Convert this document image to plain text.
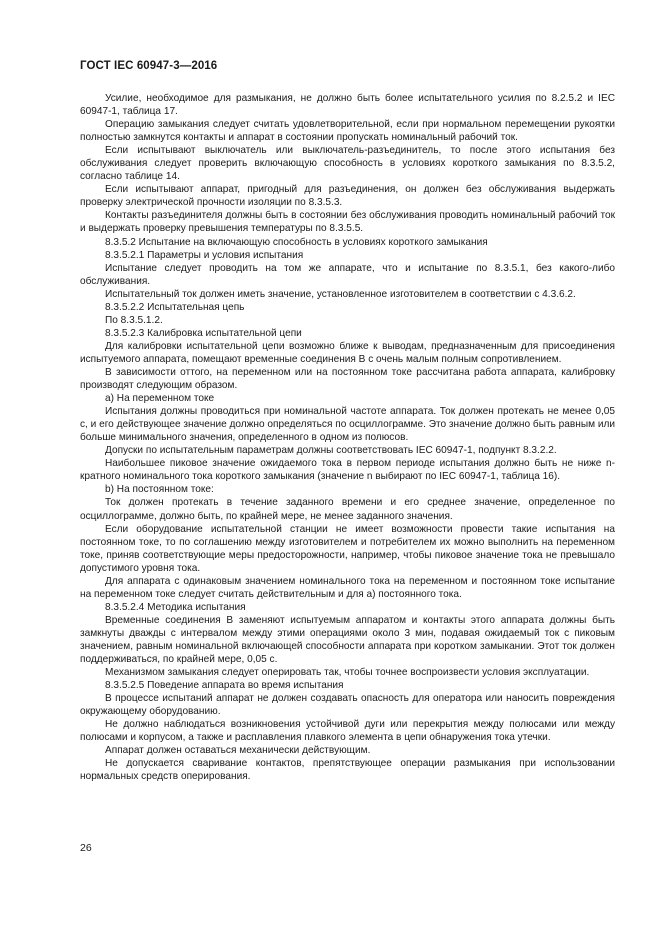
ГОСТ IEC 60947-3—2016

Усилие, необходимое для размыкания, не должно быть более испытательного усилия по 8.2.5.2 и IEC 60947-1, таблица 17.

Операцию замыкания следует считать удовлетворительной, если при нормальном перемещении рукоятки полностью замкнутся контакты и аппарат в состоянии пропускать номинальный рабочий ток.

Если испытывают выключатель или выключатель-разъединитель, то после этого испытания без обслуживания следует проверить включающую способность в условиях короткого замыкания по 8.3.5.2, согласно таблице 14.

Если испытывают аппарат, пригодный для разъединения, он должен без обслуживания выдержать проверку электрической прочности изоляции по 8.3.5.3.

Контакты разъединителя должны быть в состоянии без обслуживания проводить номинальный рабочий ток и выдержать проверку превышения температуры по 8.3.5.5.

8.3.5.2 Испытание на включающую способность в условиях короткого замыкания

8.3.5.2.1 Параметры и условия испытания

Испытание следует проводить на том же аппарате, что и испытание по 8.3.5.1, без какого-либо обслуживания.

Испытательный ток должен иметь значение, установленное изготовителем в соответствии с 4.3.6.2.

8.3.5.2.2 Испытательная цепь

По 8.3.5.1.2.

8.3.5.2.3 Калибровка испытательной цепи

Для калибровки испытательной цепи возможно ближе к выводам, предназначенным для присоединения испытуемого аппарата, помещают временные соединения В с очень малым полным сопротивлением.

В зависимости оттого, на переменном или на постоянном токе рассчитана работа аппарата, калибровку производят следующим образом.

а) На переменном токе

Испытания должны проводиться при номинальной частоте аппарата. Ток должен протекать не менее 0,05 с, и его действующее значение должно определяться по осциллограмме. Это значение должно быть равным или больше минимального значения, определенного в одном из полюсов.

Допуски по испытательным параметрам должны соответствовать IEC 60947-1, подпункт 8.3.2.2.

Наибольшее пиковое значение ожидаемого тока в первом периоде испытания должно быть не ниже n-кратного номинального тока короткого замыкания (значение n выбирают по IEC 60947-1, таблица 16).

b) На постоянном токе:

Ток должен протекать в течение заданного времени и его среднее значение, определенное по осциллограмме, должно быть, по крайней мере, не менее заданного значения.

Если оборудование испытательной станции не имеет возможности провести такие испытания на постоянном токе, то по соглашению между изготовителем и потребителем их можно выполнить на переменном токе, приняв соответствующие меры предосторожности, например, чтобы пиковое значение тока не превышало допустимого уровня тока.

Для аппарата с одинаковым значением номинального тока на переменном и постоянном токе испытание на переменном токе следует считать действительным и для а) постоянного тока.

8.3.5.2.4 Методика испытания

Временные соединения В заменяют испытуемым аппаратом и контакты этого аппарата должны быть замкнуты дважды с интервалом между этими операциями около 3 мин, подавая ожидаемый ток с пиковым значением, равным номинальной включающей способности аппарата при коротком замыкании. Этот ток должен поддерживаться, по крайней мере, 0,05 с.

Механизмом замыкания следует оперировать так, чтобы точнее воспроизвести условия эксплуатации.

8.3.5.2.5 Поведение аппарата во время испытания

В процессе испытаний аппарат не должен создавать опасность для оператора или наносить повреждения окружающему оборудованию.

Не должно наблюдаться возникновения устойчивой дуги или перекрытия между полюсами или между полюсами и корпусом, а также и расплавления плавкого элемента в цепи обнаружения тока утечки.

Аппарат должен оставаться механически действующим.

Не допускается сваривание контактов, препятствующее операции размыкания при использовании нормальных средств оперирования.

26
